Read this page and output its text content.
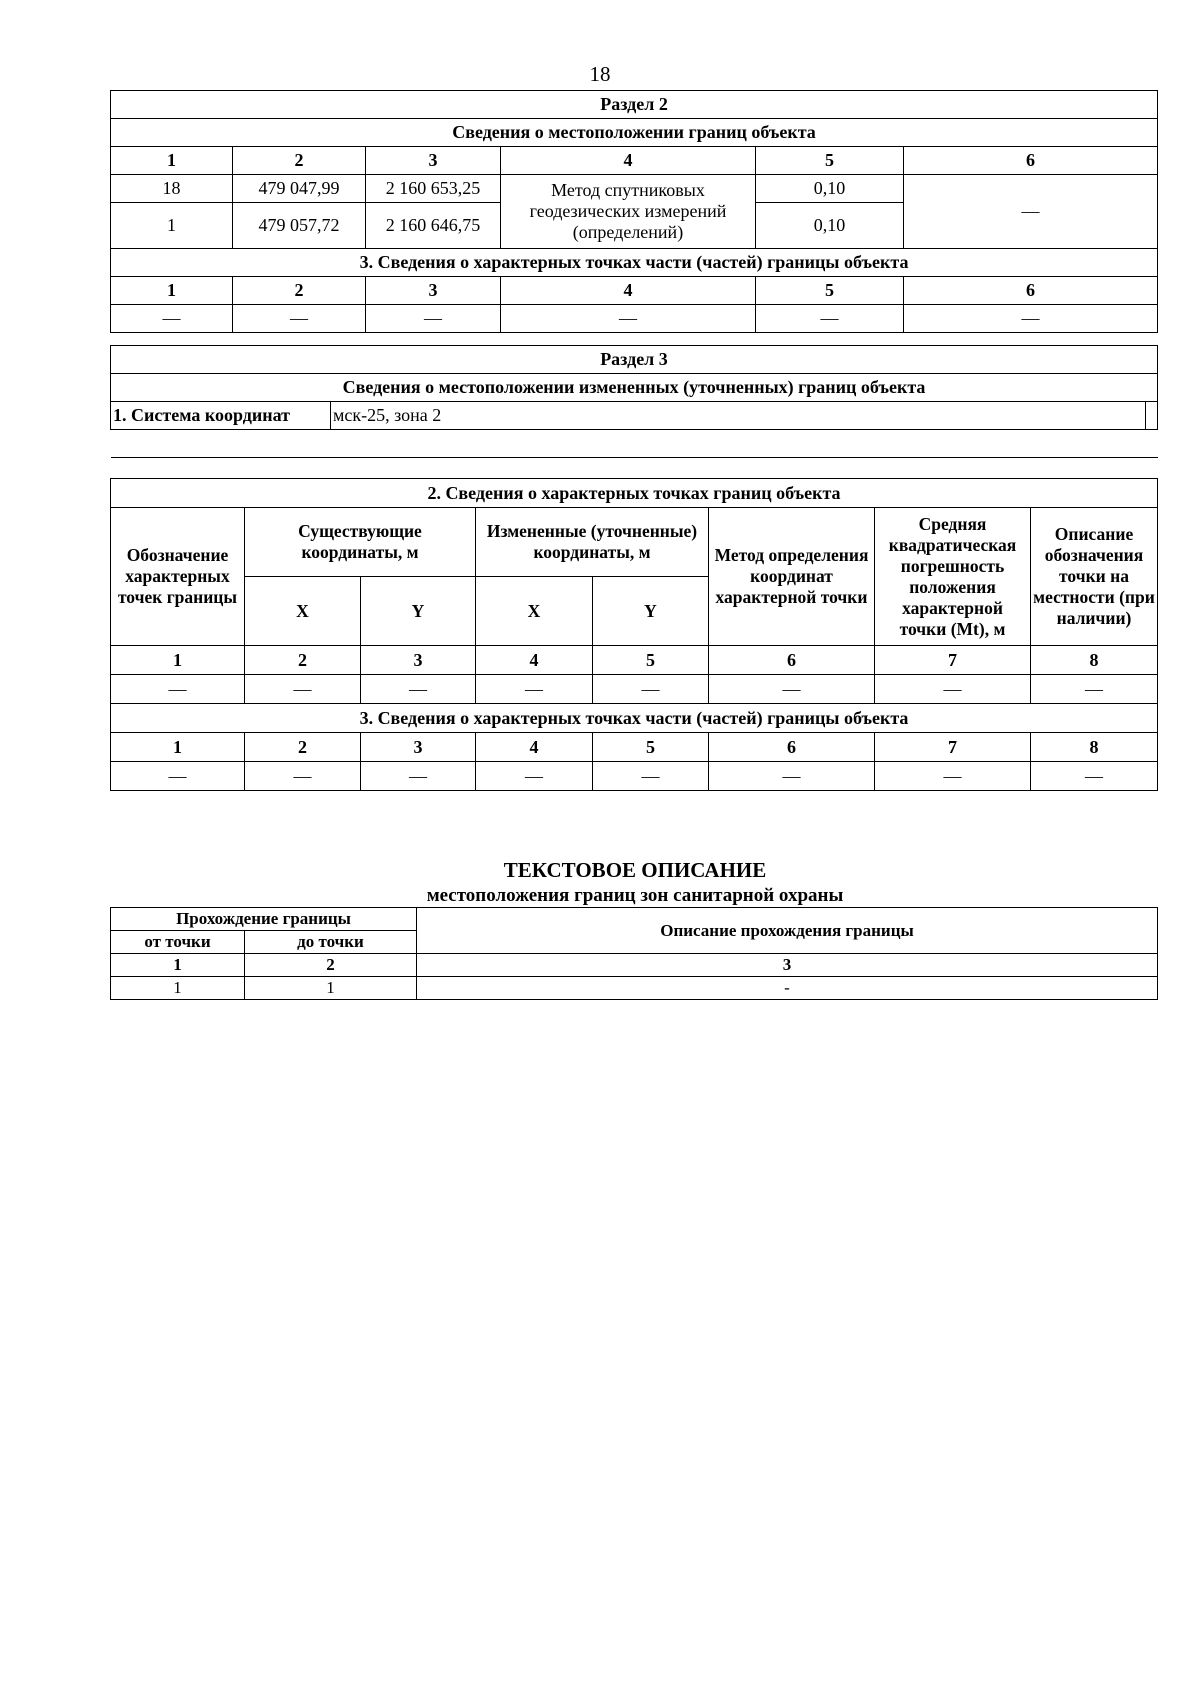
18
Раздел 2					
Сведения о местоположении границ объекта					
1	2	3	4	5	6
18	479 047,99	2 160 653,25	Метод спутниковых геодезических измерений (определений)	0,10	—
1	479 057,72	2 160 646,75		0,10	
3. Сведения о характерных точках части (частей) границы объекта					
1	2	3	4	5	6
—	—	—	—	—	—
Раздел 3
Сведения о местоположении измененных (уточненных) границ объекта
1. Система координат	мск-25, зона 2	

2. Сведения о характерных точках границ объекта							
Обозначение характерных точек границы	Существующие координаты, м		Измененные (уточненные) координаты, м		Метод определения координат характерной точки	Средняя квадратическая погрешность положения характерной точки (Mt), м	Описание обозначения точки на местности (при наличии)
	X	Y	X	Y			
1	2	3	4	5	6	7	8
—	—	—	—	—	—	—	—
3. Сведения о характерных точках части (частей) границы объекта							
1	2	3	4	5	6	7	8
—	—	—	—	—	—	—	—
ТЕКСТОВОЕ ОПИСАНИЕ
местоположения границ зон санитарной охраны
Прохождение границы		Описание прохождения границы
от точки	до точки	
1	2	3
1	1	-
